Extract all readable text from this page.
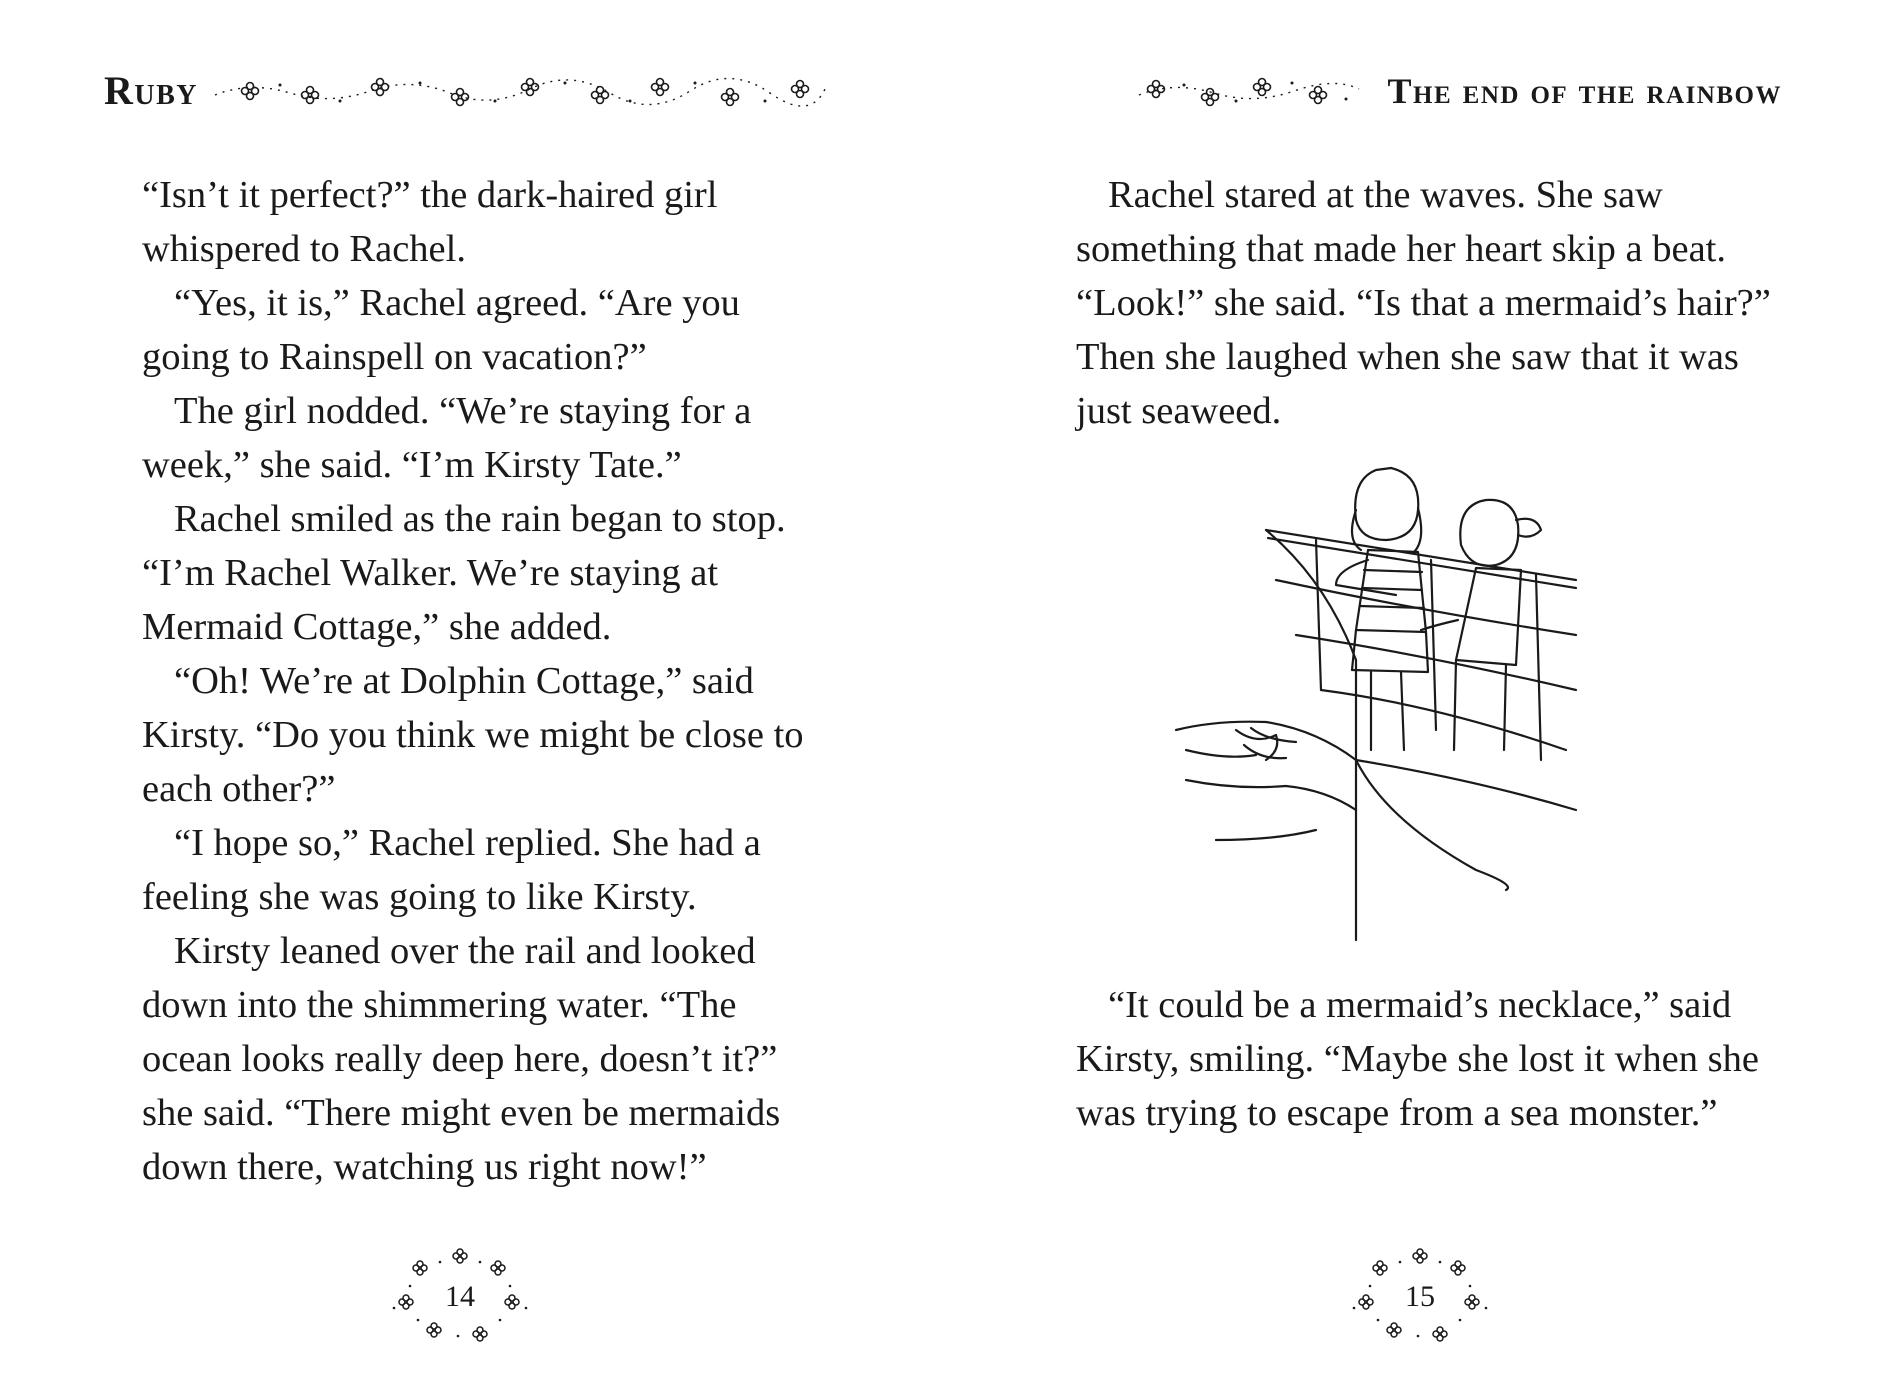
Ruby

“Isn’t it perfect?” the dark-haired girl whispered to Rachel.

“Yes, it is,” Rachel agreed. “Are you going to Rainspell on vacation?”

The girl nodded. “We’re staying for a week,” she said. “I’m Kirsty Tate.”

Rachel smiled as the rain began to stop. “I’m Rachel Walker. We’re staying at Mermaid Cottage,” she added.

“Oh! We’re at Dolphin Cottage,” said Kirsty. “Do you think we might be close to each other?”

“I hope so,” Rachel replied. She had a feeling she was going to like Kirsty.

Kirsty leaned over the rail and looked down into the shimmering water. “The ocean looks really deep here, doesn’t it?” she said. “There might even be mermaids down there, watching us right now!”

14
The end of the rainbow

Rachel stared at the waves. She saw something that made her heart skip a beat. “Look!” she said. “Is that a mermaid’s hair?” Then she laughed when she saw that it was just seaweed.

“It could be a mermaid’s necklace,” said Kirsty, smiling. “Maybe she lost it when she was trying to escape from a sea monster.”

15
